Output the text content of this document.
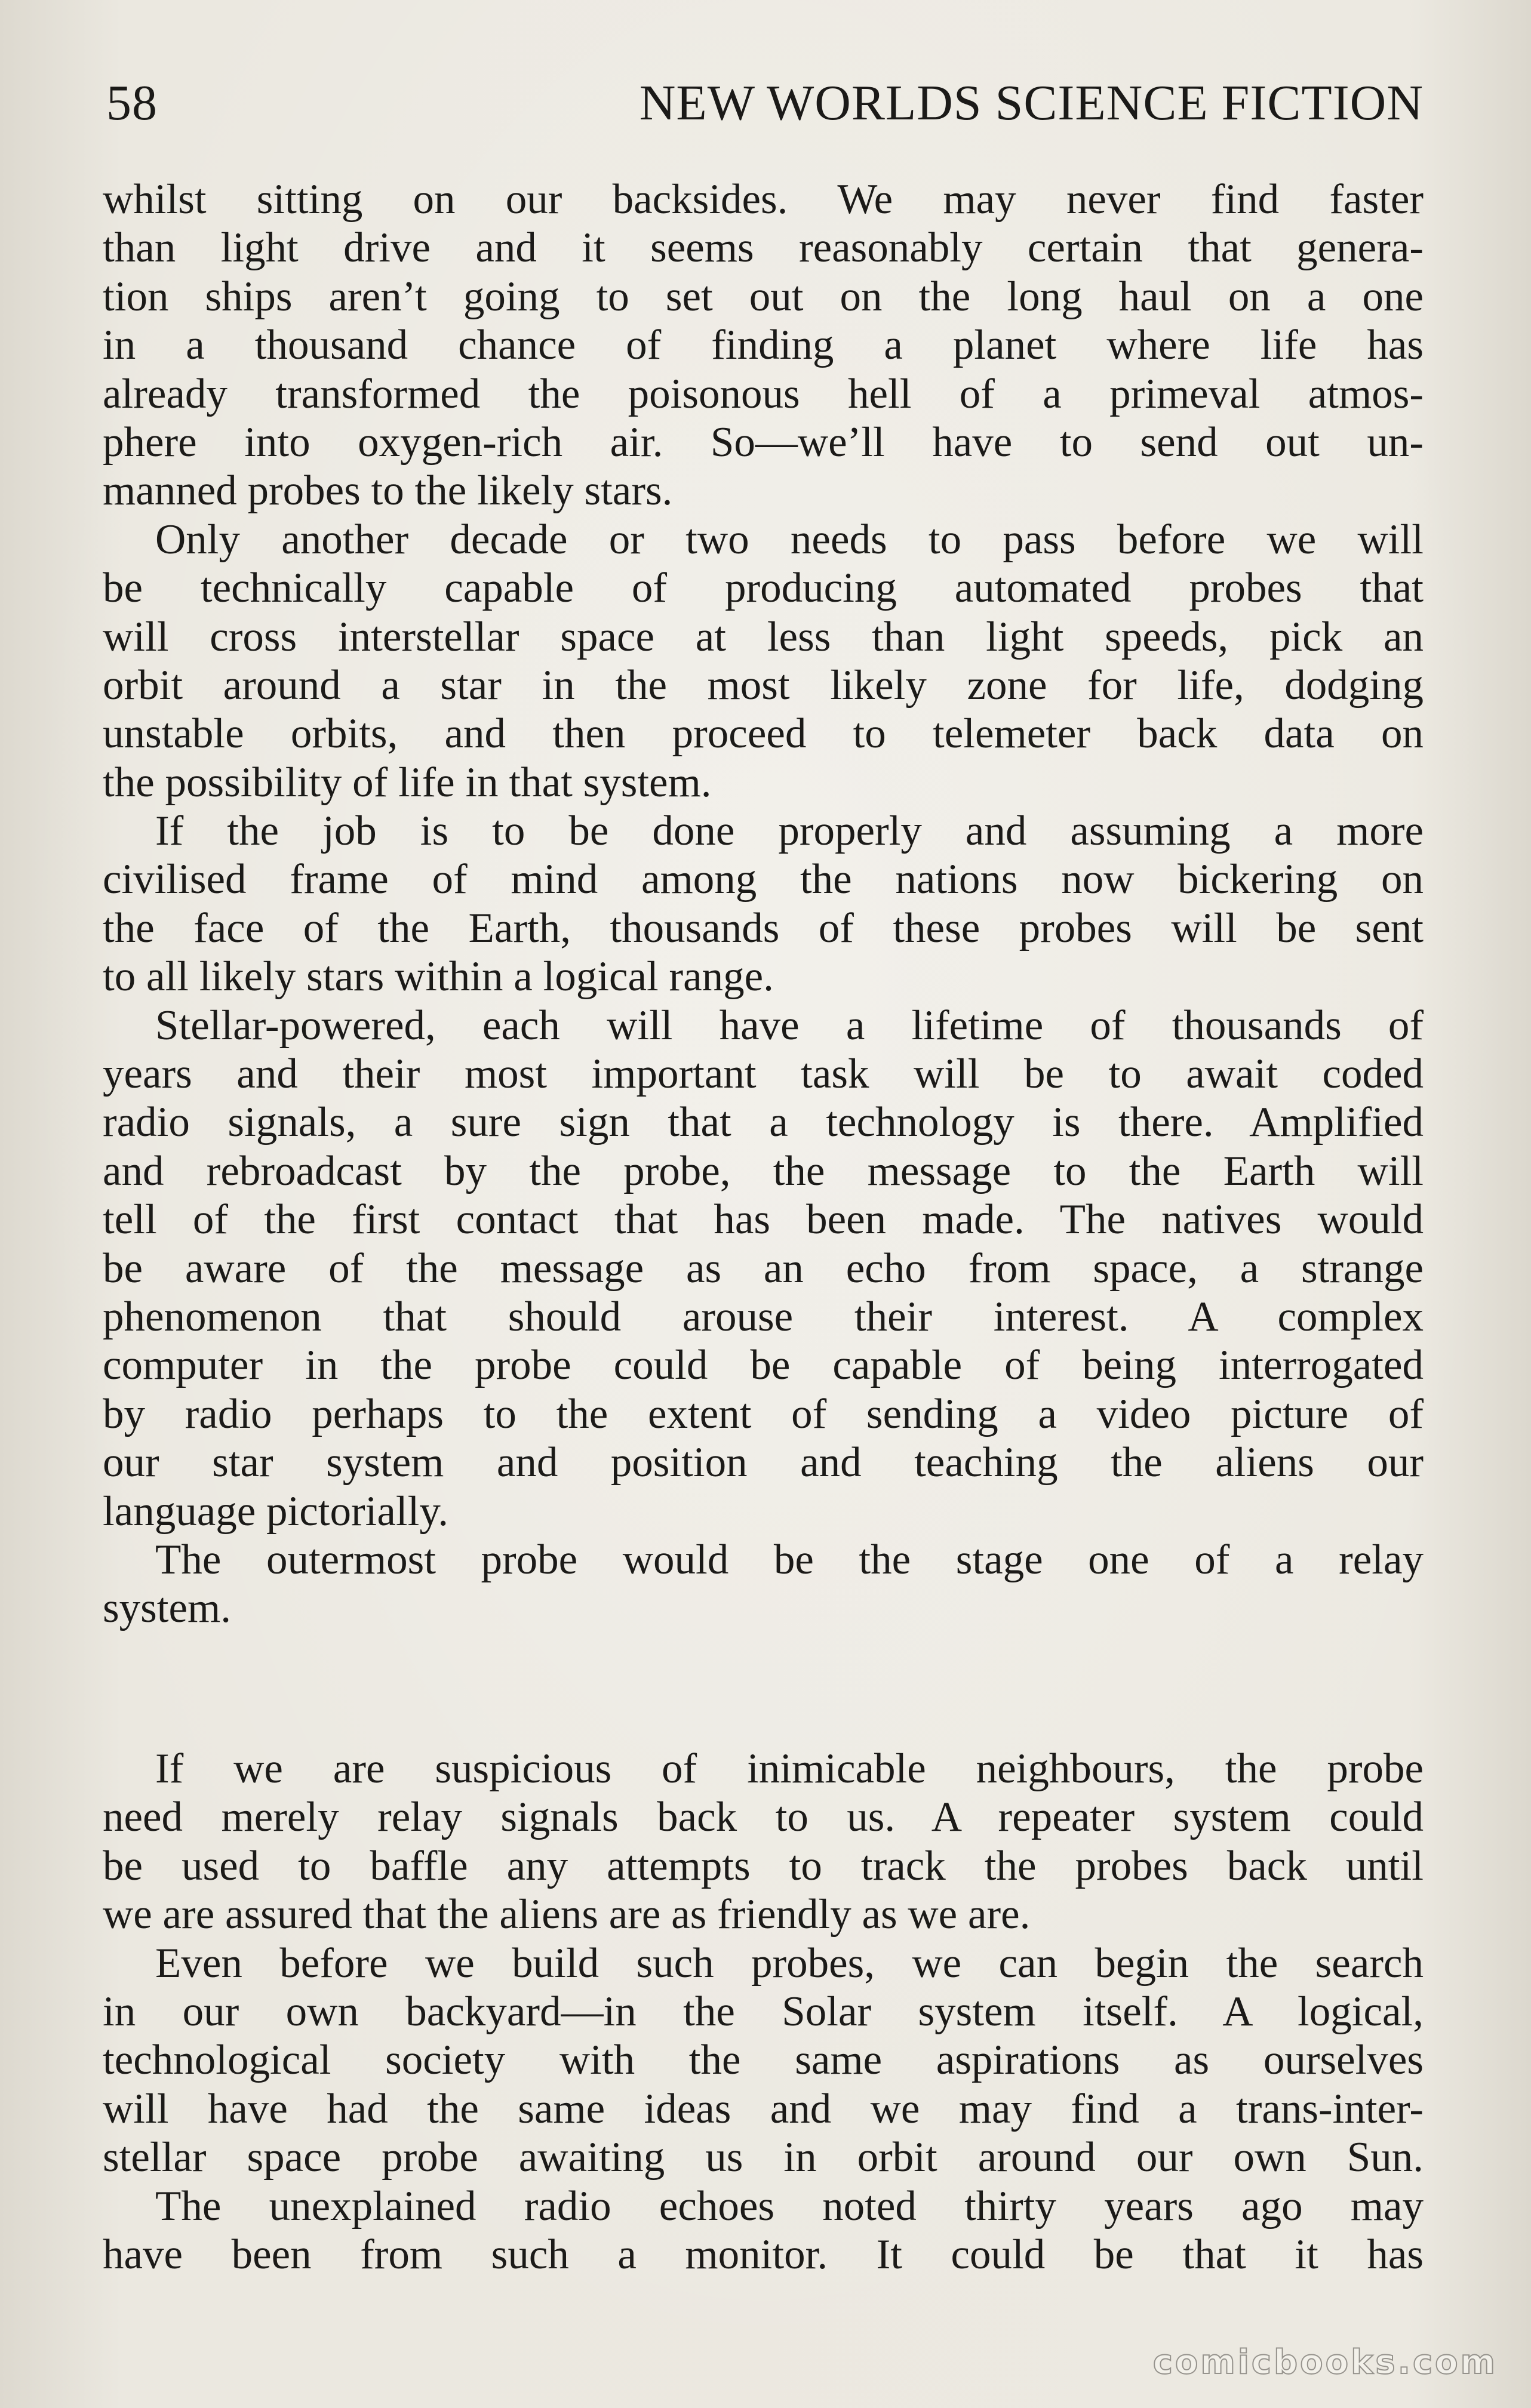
58	NEW WORLDS SCIENCE FICTION
whilst sitting on our backsides. We may never find faster
than light drive and it seems reasonably certain that genera-
tion ships aren’t going to set out on the long haul on a one
in a thousand chance of finding a planet where life has
already transformed the poisonous hell of a primeval atmos-
phere into oxygen-rich air. So—we’ll have to send out un-
manned probes to the likely stars.
Only another decade or two needs to pass before we will
be technically capable of producing automated probes that
will cross interstellar space at less than light speeds, pick an
orbit around a star in the most likely zone for life, dodging
unstable orbits, and then proceed to telemeter back data on
the possibility of life in that system.
If the job is to be done properly and assuming a more
civilised frame of mind among the nations now bickering on
the face of the Earth, thousands of these probes will be sent
to all likely stars within a logical range.
Stellar-powered, each will have a lifetime of thousands of
years and their most important task will be to await coded
radio signals, a sure sign that a technology is there. Amplified
and rebroadcast by the probe, the message to the Earth will
tell of the first contact that has been made. The natives would
be aware of the message as an echo from space, a strange
phenomenon that should arouse their interest. A complex
computer in the probe could be capable of being interrogated
by radio perhaps to the extent of sending a video picture of
our star system and position and teaching the aliens our
language pictorially.
The outermost probe would be the stage one of a relay
system.
If we are suspicious of inimicable neighbours, the probe
need merely relay signals back to us. A repeater system could
be used to baffle any attempts to track the probes back until
we are assured that the aliens are as friendly as we are.
Even before we build such probes, we can begin the search
in our own backyard—in the Solar system itself. A logical,
technological society with the same aspirations as ourselves
will have had the same ideas and we may find a trans-inter-
stellar space probe awaiting us in orbit around our own Sun.
The unexplained radio echoes noted thirty years ago may
have been from such a monitor. It could be that it has
comicbooks.com
